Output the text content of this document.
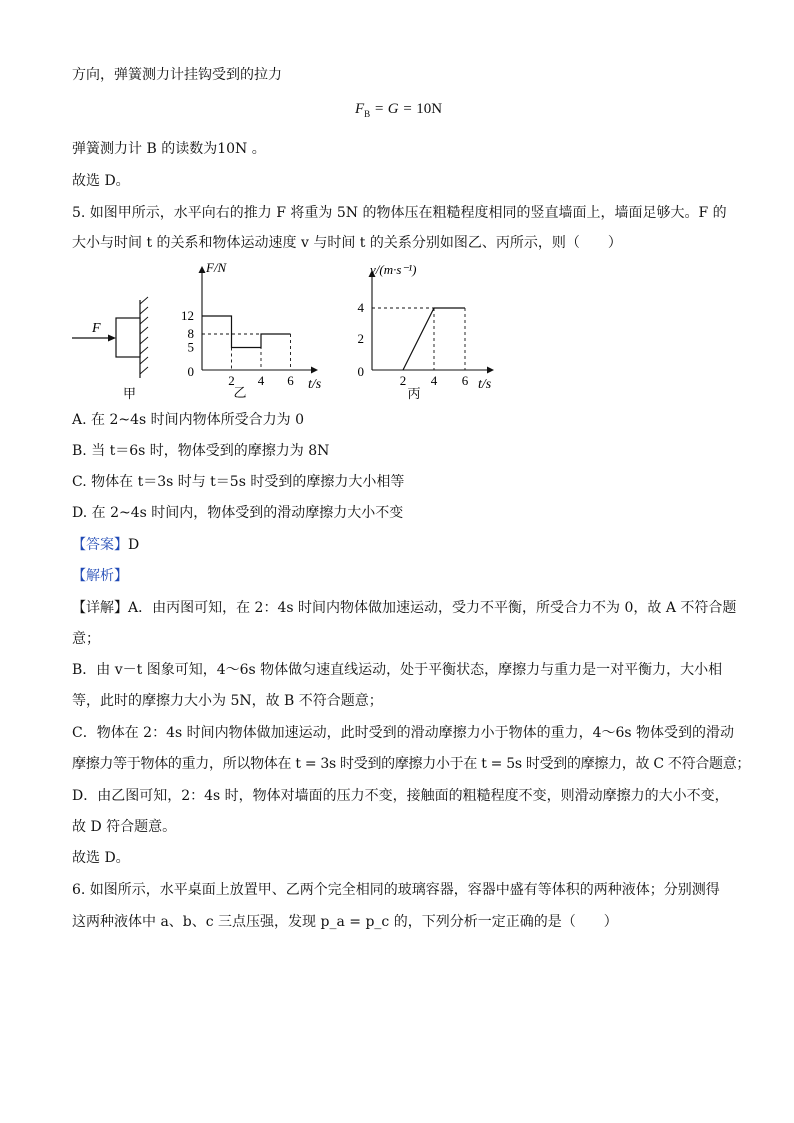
方向，弹簧测力计挂钩受到的拉力
$F_B = G = 10N$
弹簧测力计 B 的读数为10N 。
故选 D。
5. 如图甲所示，水平向右的推力 F 将重为 5N 的物体压在粗糙程度相同的竖直墙面上，墙面足够大。F 的
大小与时间 t 的关系和物体运动速度 v 与时间 t 的关系分别如图乙、丙所示，则（　　）
F
甲
t/s
F/N
2 4 6
12
8
5
0
乙
t/s
v/(m·s⁻¹)
2 4 6
4
2
0
丙
A. 在 2~4s 时间内物体所受合力为 0
B. 当 t＝6s 时，物体受到的摩擦力为 8N
C. 物体在 t＝3s 时与 t＝5s 时受到的摩擦力大小相等
D. 在 2~4s 时间内，物体受到的滑动摩擦力大小不变
【答案】D
【解析】
【详解】A．由丙图可知，在 2：4s 时间内物体做加速运动，受力不平衡，所受合力不为 0，故 A 不符合题
意；
B．由 v－t 图象可知，4～6s 物体做匀速直线运动，处于平衡状态，摩擦力与重力是一对平衡力，大小相
等，此时的摩擦力大小为 5N，故 B 不符合题意；
C．物体在 2：4s 时间内物体做加速运动，此时受到的滑动摩擦力小于物体的重力，4～6s 物体受到的滑动
摩擦力等于物体的重力，所以物体在 t = 3s 时受到的摩擦力小于在 t = 5s 时受到的摩擦力，故 C 不符合题意；
D．由乙图可知，2：4s 时，物体对墙面的压力不变，接触面的粗糙程度不变，则滑动摩擦力的大小不变，
故 D 符合题意。
故选 D。
6. 如图所示，水平桌面上放置甲、乙两个完全相同的玻璃容器，容器中盛有等体积的两种液体；分别测得
这两种液体中 a、b、c 三点压强，发现 p_a = p_c 的，下列分析一定正确的是（　　）
